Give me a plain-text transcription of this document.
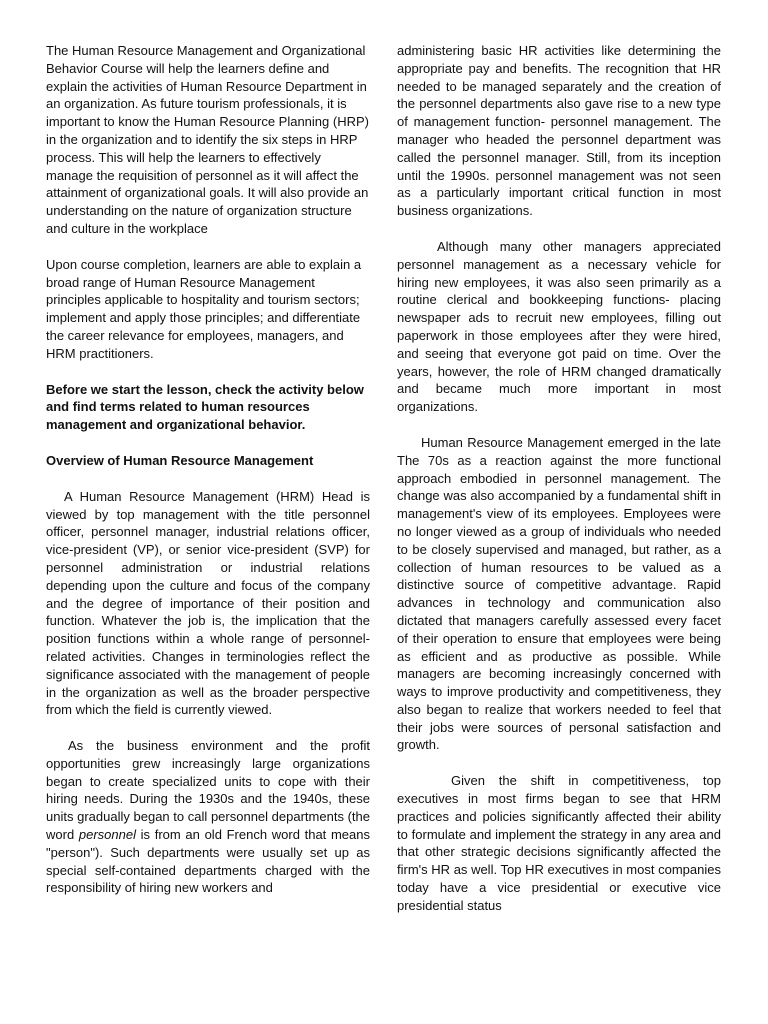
The Human Resource Management and Organizational Behavior Course will help the learners define and explain the activities of Human Resource Department in an organization. As future tourism professionals, it is important to know the Human Resource Planning (HRP) in the organization and to identify the six steps in HRP process. This will help the learners to effectively manage the requisition of personnel as it will affect the attainment of organizational goals. It will also provide an understanding on the nature of organization structure and culture in the workplace

Upon course completion, learners are able to explain a broad range of Human Resource Management principles applicable to hospitality and tourism sectors; implement and apply those principles; and differentiate the career relevance for employees, managers, and HRM practitioners.

Before we start the lesson, check the activity below and find terms related to human resources management and organizational behavior.

Overview of Human Resource Management

A Human Resource Management (HRM) Head is viewed by top management with the title personnel officer, personnel manager, industrial relations officer, vice-president (VP), or senior vice-president (SVP) for personnel administration or industrial relations depending upon the culture and focus of the company and the degree of importance of their position and function. Whatever the job is, the implication that the position functions within a whole range of personnel-related activities. Changes in terminologies reflect the significance associated with the management of people in the organization as well as the broader perspective from which the field is currently viewed.

As the business environment and the profit opportunities grew increasingly large organizations began to create specialized units to cope with their hiring needs. During the 1930s and the 1940s, these units gradually began to call personnel departments (the word personnel is from an old French word that means "person"). Such departments were usually set up as special self-contained departments charged with the responsibility of hiring new workers and

administering basic HR activities like determining the appropriate pay and benefits. The recognition that HR needed to be managed separately and the creation of the personnel departments also gave rise to a new type of management function- personnel management. The manager who headed the personnel department was called the personnel manager. Still, from its inception until the 1990s. personnel management was not seen as a particularly important critical function in most business organizations.

Although many other managers appreciated personnel management as a necessary vehicle for hiring new employees, it was also seen primarily as a routine clerical and bookkeeping functions- placing newspaper ads to recruit new employees, filling out paperwork in those employees after they were hired, and seeing that everyone got paid on time. Over the years, however, the role of HRM changed dramatically and became much more important in most organizations.

Human Resource Management emerged in the late The 70s as a reaction against the more functional approach embodied in personnel management. The change was also accompanied by a fundamental shift in management's view of its employees. Employees were no longer viewed as a group of individuals who needed to be closely supervised and managed, but rather, as a collection of human resources to be valued as a distinctive source of competitive advantage. Rapid advances in technology and communication also dictated that managers carefully assessed every facet of their operation to ensure that employees were being as efficient and as productive as possible. While managers are becoming increasingly concerned with ways to improve productivity and competitiveness, they also began to realize that workers needed to feel that their jobs were sources of personal satisfaction and growth.

Given the shift in competitiveness, top executives in most firms began to see that HRM practices and policies significantly affected their ability to formulate and implement the strategy in any area and that other strategic decisions significantly affected the firm's HR as well. Top HR executives in most companies today have a vice presidential or executive vice presidential status
